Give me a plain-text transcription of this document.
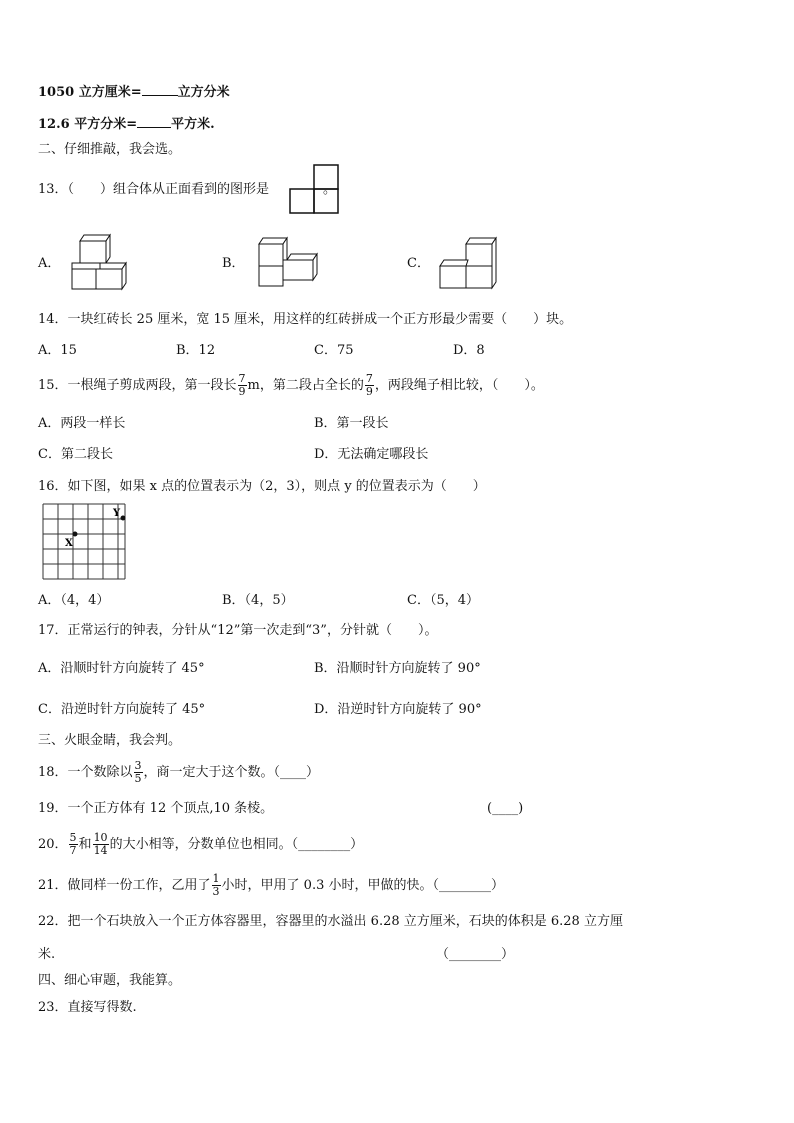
1050 立方厘米=	立方分米
12.6 平方分米=	平方米.
二、仔细推敲，我会选。
13．（　　）组合体从正面看到的图形是	。
A．	B．	C．
14．一块红砖长 25 厘米，宽 15 厘米，用这样的红砖拼成一个正方形最少需要（　　）块。
A．15	B．12	C．75	D．8
15．一根绳子剪成两段，第一段长 $\frac{7}{9}$ m，第二段占全长的 $\frac{7}{9}$ ，两段绳子相比较，（　　）。
A．两段一样长	B．第一段长
C．第二段长	D．无法确定哪段长
16．如下图，如果 x 点的位置表示为（2，3），则点 y 的位置表示为（　　）
X
Y
A．（4，4）	B．（4，5）	C．（5，4）
17．正常运行的钟表，分针从“12”第一次走到“3”，分针就（　　）。
A．沿顺时针方向旋转了 45°	B．沿顺时针方向旋转了 90°
C．沿逆时针方向旋转了 45°	D．沿逆时针方向旋转了 90°
三、火眼金睛，我会判。
18．一个数除以 $\frac{3}{5}$ ，商一定大于这个数。（____）
19．一个正方体有 12 个顶点,10 条棱。	(____)
20． $\frac{5}{7}$ 和 $\frac{10}{14}$ 的大小相等，分数单位也相同。（________）
21．做同样一份工作，乙用了 $\frac{1}{3}$ 小时，甲用了 0.3 小时，甲做的快。（________）
22．把一个石块放入一个正方体容器里，容器里的水溢出 6.28 立方厘米，石块的体积是 6.28 立方厘
米.	（________）
四、细心审题，我能算。
23．直接写得数.
